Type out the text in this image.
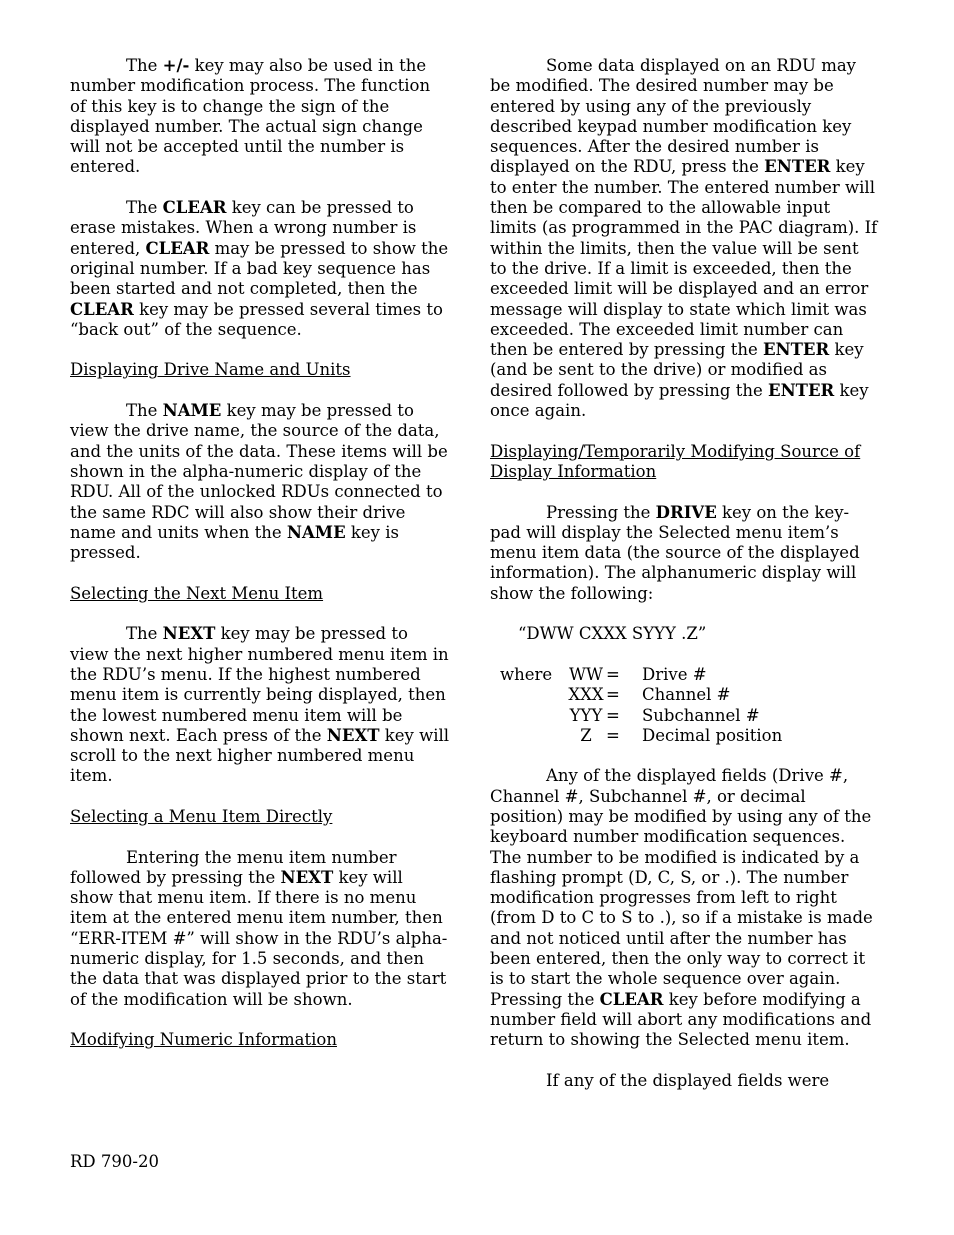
The +/- key may also be used in the number modification process. The function of this key is to change the sign of the displayed number. The actual sign change will not be accepted until the number is entered.

The CLEAR key can be pressed to erase mistakes. When a wrong number is entered, CLEAR may be pressed to show the original number. If a bad key sequence has been started and not completed, then the CLEAR key may be pressed several times to “back out” of the sequence.

Displaying Drive Name and Units

The NAME key may be pressed to view the drive name, the source of the data, and the units of the data. These items will be shown in the alpha-numeric display of the RDU. All of the unlocked RDUs connected to the same RDC will also show their drive name and units when the NAME key is pressed.

Selecting the Next Menu Item

The NEXT key may be pressed to view the next higher numbered menu item in the RDU’s menu. If the highest numbered menu item is currently being displayed, then the lowest numbered menu item will be shown next. Each press of the NEXT key will scroll to the next higher numbered menu item.

Selecting a Menu Item Directly

Entering the menu item number followed by pressing the NEXT key will show that menu item. If there is no menu item at the entered menu item number, then “ERR-ITEM #” will show in the RDU’s alpha-numeric display, for 1.5 seconds, and then the data that was displayed prior to the start of the modification will be shown.

Modifying Numeric Information

Some data displayed on an RDU may be modified. The desired number may be entered by using any of the previously described keypad number modification key sequences. After the desired number is displayed on the RDU, press the ENTER key to enter the number. The entered number will then be compared to the allowable input limits (as programmed in the PAC diagram). If within the limits, then the value will be sent to the drive. If a limit is exceeded, then the exceeded limit will be displayed and an error message will display to state which limit was exceeded. The exceeded limit number can then be entered by pressing the ENTER key (and be sent to the drive) or modified as desired followed by pressing the ENTER key once again.

Displaying/Temporarily Modifying Source of Display Information

Pressing the DRIVE key on the key-pad will display the Selected menu item’s menu item data (the source of the displayed information). The alphanumeric display will show the following:

“DWW CXXX SYYY .Z”
where	WW	=	Drive #
	XXX	=	Channel #
	YYY	=	Subchannel #
	Z	=	Decimal position

Any of the displayed fields (Drive #, Channel #, Subchannel #, or decimal position) may be modified by using any of the keyboard number modification sequences. The number to be modified is indicated by a flashing prompt (D, C, S, or .). The number modification progresses from left to right (from D to C to S to .), so if a mistake is made and not noticed until after the number has been entered, then the only way to correct it is to start the whole sequence over again. Pressing the CLEAR key before modifying a number field will abort any modifications and return to showing the Selected menu item.

If any of the displayed fields were

RD 790-20
